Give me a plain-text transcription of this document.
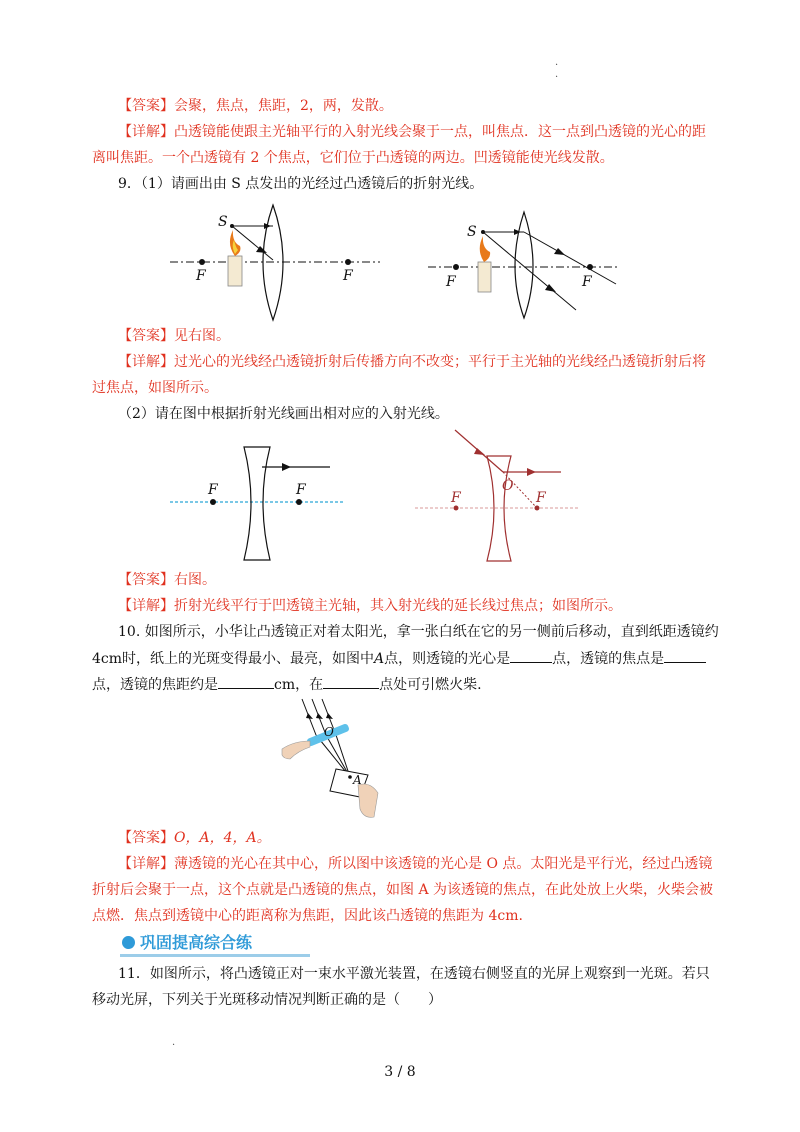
·
·
【答案】会聚，焦点，焦距，2，两，发散。
【详解】凸透镜能使跟主光轴平行的入射光线会聚于一点，叫焦点．这一点到凸透镜的光心的距
离叫焦距。一个凸透镜有 2 个焦点，它们位于凸透镜的两边。凹透镜能使光线发散。
9．（1）请画出由 S 点发出的光经过凸透镜后的折射光线。
S
F	F
S
F	F
【答案】见右图。
【详解】过光心的光线经凸透镜折射后传播方向不改变；平行于主光轴的光线经凸透镜折射后将
过焦点，如图所示。
（2）请在图中根据折射光线画出相对应的入射光线。
F	F	F	F
O
【答案】右图。
【详解】折射光线平行于凹透镜主光轴，其入射光线的延长线过焦点；如图所示。
10. 如图所示，小华让凸透镜正对着太阳光，拿一张白纸在它的另一侧前后移动，直到纸距透镜约
4cm时，纸上的光斑变得最小、最亮，如图中A点，则透镜的光心是	点，透镜的焦点是
点，透镜的焦距约是	cm，在	点处可引燃火柴.
O
A
【答案】O，A，4，A。
【详解】薄透镜的光心在其中心，所以图中该透镜的光心是 O 点。太阳光是平行光，经过凸透镜
折射后会聚于一点，这个点就是凸透镜的焦点，如图 A 为该透镜的焦点，在此处放上火柴，火柴会被
点燃．焦点到透镜中心的距离称为焦距，因此该凸透镜的焦距为 4cm.
巩固提高综合练
11．如图所示，将凸透镜正对一束水平激光装置，在透镜右侧竖直的光屏上观察到一光斑。若只
移动光屏，下列关于光斑移动情况判断正确的是（　　）
·
3 / 8
